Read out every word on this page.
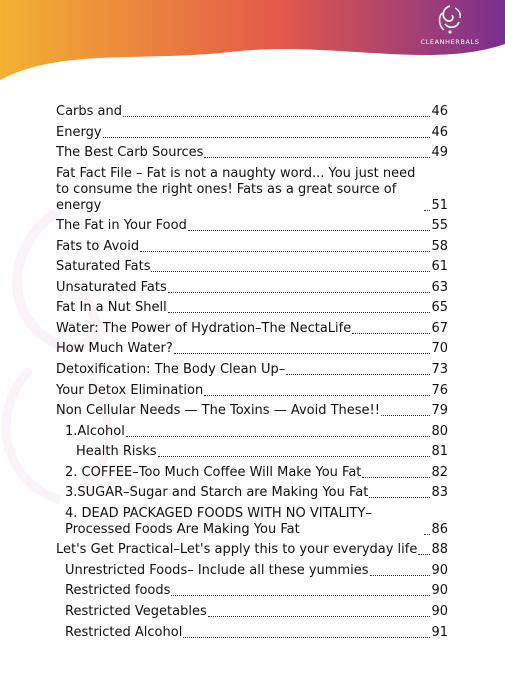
CLEANHERBALS
Carbs and	46
Energy	46
The Best Carb Sources	49
Fat Fact File – Fat is not a naughty word... You just need to consume the right ones! Fats as a great source of energy	51
The Fat in Your Food	55
Fats to Avoid	58
Saturated Fats	61
Unsaturated Fats	63
Fat In a Nut Shell	65
Water: The Power of Hydration–The NectaLife	67
How Much Water?	70
Detoxification: The Body Clean Up–	73
Your Detox Elimination	76
Non Cellular Needs — The Toxins — Avoid These!!	79
1.Alcohol	80
Health Risks	81
2. COFFEE–Too Much Coffee Will Make You Fat	82
3.SUGAR–Sugar and Starch are Making You Fat	83
4. DEAD PACKAGED FOODS WITH NO VITALITY– Processed Foods Are Making You Fat	86
Let's Get Practical–Let's apply this to your everyday life 88
Unrestricted Foods– Include all these yummies	90
Restricted foods	90
Restricted Vegetables	90
Restricted Alcohol	91
